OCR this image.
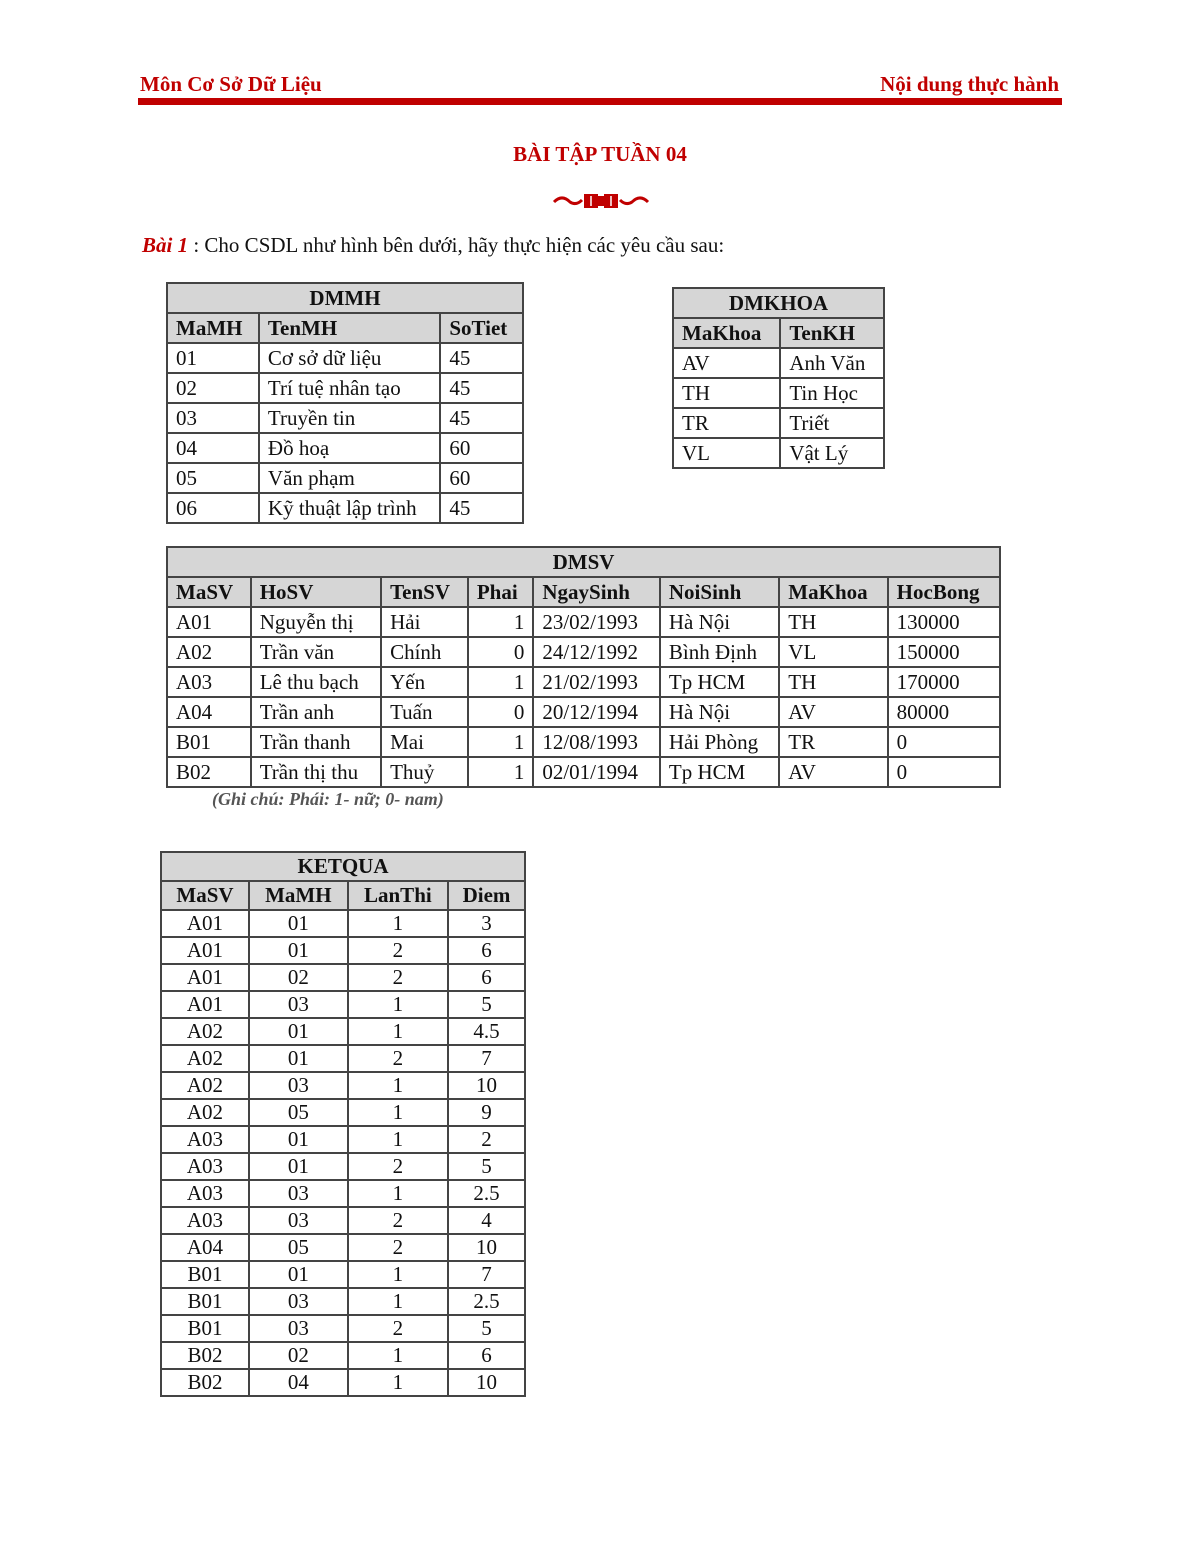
Môn Cơ Sở Dữ Liệu	Nội dung thực hành
BÀI TẬP TUẦN 04
Bài 1 : Cho CSDL như hình bên dưới, hãy thực hiện các yêu cầu sau:
DMMH		
MaMH	TenMH	SoTiet
01	Cơ sở dữ liệu	45
02	Trí tuệ nhân tạo	45
03	Truyền tin	45
04	Đồ hoạ	60
05	Văn phạm	60
06	Kỹ thuật lập trình	45
DMKHOA	
MaKhoa	TenKH
AV	Anh Văn
TH	Tin Học
TR	Triết
VL	Vật Lý
DMSV							
MaSV	HoSV	TenSV	Phai	NgaySinh	NoiSinh	MaKhoa	HocBong
A01	Nguyễn thị	Hải	1	23/02/1993	Hà Nội	TH	130000
A02	Trần văn	Chính	0	24/12/1992	Bình Định	VL	150000
A03	Lê thu bạch	Yến	1	21/02/1993	Tp HCM	TH	170000
A04	Trần anh	Tuấn	0	20/12/1994	Hà Nội	AV	80000
B01	Trần thanh	Mai	1	12/08/1993	Hải Phòng	TR	0
B02	Trần thị thu	Thuỷ	1	02/01/1994	Tp HCM	AV	0
(Ghi chú: Phái: 1- nữ; 0- nam)
KETQUA			
MaSV	MaMH	LanThi	Diem
A01	01	1	3
A01	01	2	6
A01	02	2	6
A01	03	1	5
A02	01	1	4.5
A02	01	2	7
A02	03	1	10
A02	05	1	9
A03	01	1	2
A03	01	2	5
A03	03	1	2.5
A03	03	2	4
A04	05	2	10
B01	01	1	7
B01	03	1	2.5
B01	03	2	5
B02	02	1	6
B02	04	1	10
